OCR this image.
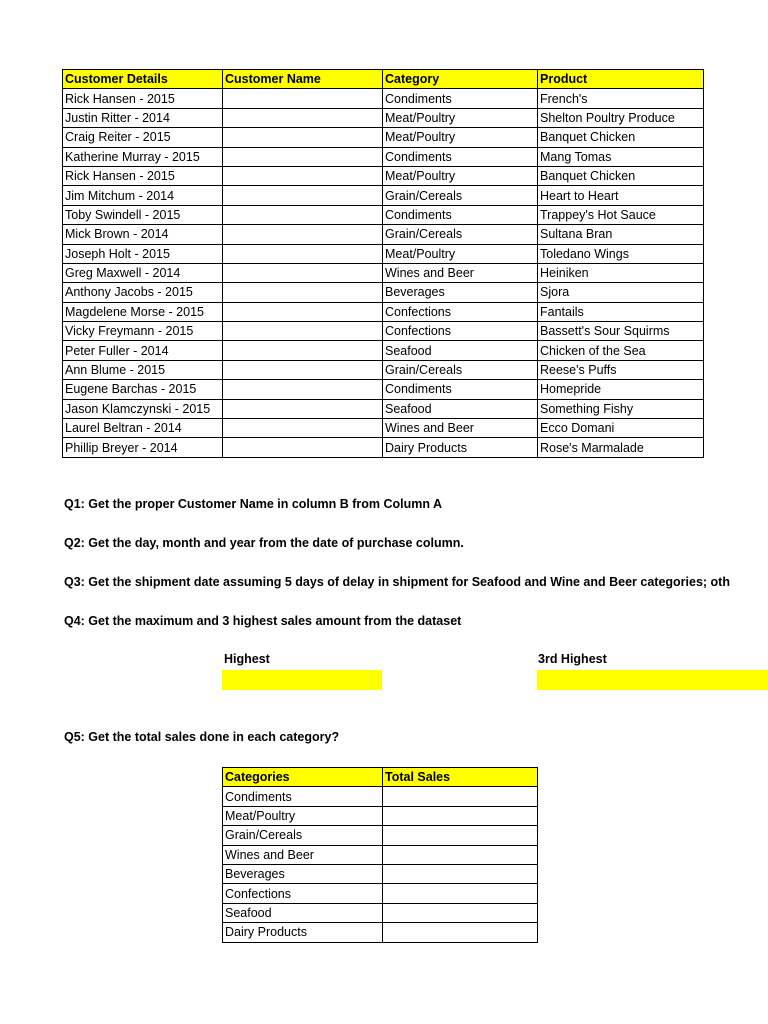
Customer Details	Customer Name	Category	Product
Rick Hansen - 2015		Condiments	French's
Justin Ritter - 2014		Meat/Poultry	Shelton Poultry Produce
Craig Reiter - 2015		Meat/Poultry	Banquet Chicken
Katherine Murray - 2015		Condiments	Mang Tomas
Rick Hansen - 2015		Meat/Poultry	Banquet Chicken
Jim Mitchum - 2014		Grain/Cereals	Heart to Heart
Toby Swindell - 2015		Condiments	Trappey's Hot Sauce
Mick Brown - 2014		Grain/Cereals	Sultana Bran
Joseph Holt - 2015		Meat/Poultry	Toledano Wings
Greg Maxwell - 2014		Wines and Beer	Heiniken
Anthony Jacobs - 2015		Beverages	Sjora
Magdelene Morse - 2015		Confections	Fantails
Vicky Freymann - 2015		Confections	Bassett's Sour Squirms
Peter Fuller - 2014		Seafood	Chicken of the Sea
Ann Blume - 2015		Grain/Cereals	Reese's Puffs
Eugene Barchas - 2015		Condiments	Homepride
Jason Klamczynski - 2015		Seafood	Something Fishy
Laurel Beltran - 2014		Wines and Beer	Ecco Domani
Phillip Breyer - 2014		Dairy Products	Rose's Marmalade
Q1: Get the proper Customer Name in column B from Column A
Q2: Get the day, month and year from the date of purchase column.
Q3: Get the shipment date assuming 5 days of delay in shipment for Seafood and Wine and Beer categories; oth
Q4: Get the maximum and 3 highest sales amount from the dataset
Highest	3rd Highest
Q5: Get the total sales done in each category?
Categories	Total Sales
Condiments	
Meat/Poultry	
Grain/Cereals	
Wines and Beer	
Beverages	
Confections	
Seafood	
Dairy Products	
